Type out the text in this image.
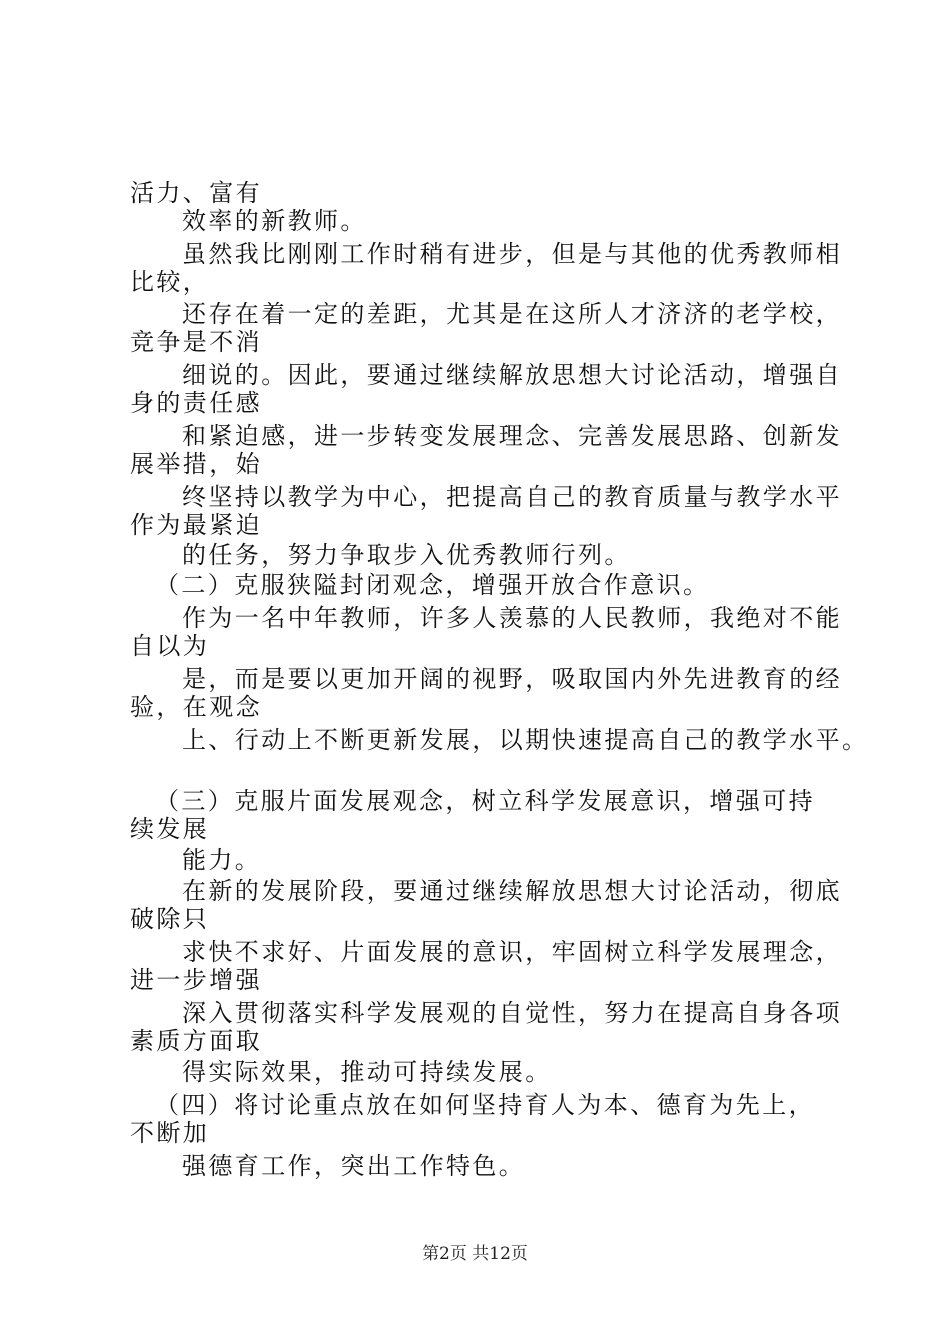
活力、富有
效率的新教师。
虽然我比刚刚工作时稍有进步，但是与其他的优秀教师相
比较，
还存在着一定的差距，尤其是在这所人才济济的老学校，
竞争是不消
细说的。因此，要通过继续解放思想大讨论活动，增强自
身的责任感
和紧迫感，进一步转变发展理念、完善发展思路、创新发
展举措，始
终坚持以教学为中心，把提高自己的教育质量与教学水平
作为最紧迫
的任务，努力争取步入优秀教师行列。
（二）克服狭隘封闭观念，增强开放合作意识。
作为一名中年教师，许多人羡慕的人民教师，我绝对不能
自以为
是，而是要以更加开阔的视野，吸取国内外先进教育的经
验，在观念
上、行动上不断更新发展，以期快速提高自己的教学水平。
（三）克服片面发展观念，树立科学发展意识，增强可持
续发展
能力。
在新的发展阶段，要通过继续解放思想大讨论活动，彻底
破除只
求快不求好、片面发展的意识，牢固树立科学发展理念，
进一步增强
深入贯彻落实科学发展观的自觉性，努力在提高自身各项
素质方面取
得实际效果，推动可持续发展。
（四）将讨论重点放在如何坚持育人为本、德育为先上，
不断加
强德育工作，突出工作特色。
第2页 共12页
